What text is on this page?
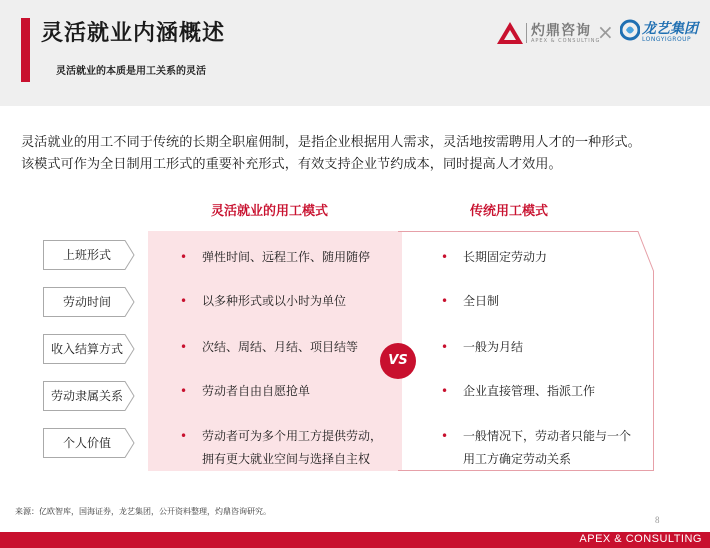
灵活就业内涵概述
灵活就业的本质是用工关系的灵活
灼鼎咨询
APEX & CONSULTING
× 龙艺集团
LONGYIGROUP
灵活就业的用工不同于传统的长期全职雇佣制，是指企业根据用人需求，灵活地按需聘用人才的一种形式。
该模式可作为全日制用工形式的重要补充形式，有效支持企业节约成本，同时提高人才效用。
灵活就业的用工模式	传统用工模式
上班形式
劳动时间
收入结算方式
劳动隶属关系
个人价值
• 弹性时间、远程工作、随用随停
• 以多种形式或以小时为单位
• 次结、周结、月结、项目结等
• 劳动者自由自愿抢单
• 劳动者可为多个用工方提供劳动，
拥有更大就业空间与选择自主权
• 长期固定劳动力
• 全日制
• 一般为月结
• 企业直接管理、指派工作
• 一般情况下，劳动者只能与一个
用工方确定劳动关系
VS
来源：亿欧智库，国海证券，龙艺集团，公开资料整理，灼鼎咨询研究。
8
APEX & CONSULTING
